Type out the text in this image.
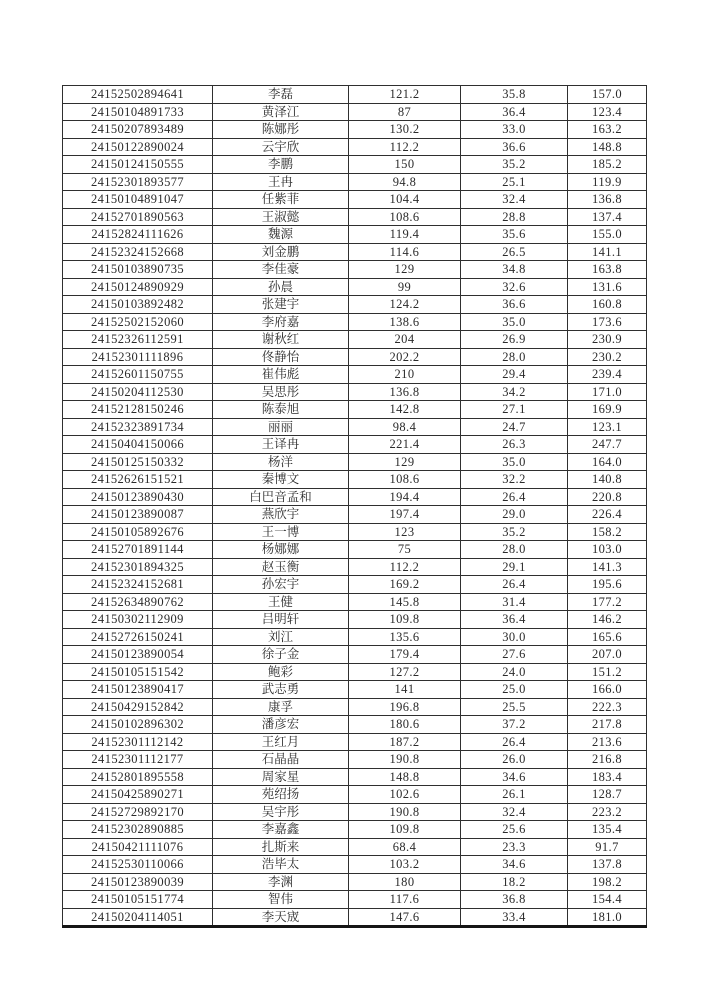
24152502894641	李磊	121.2	35.8	157.0
24150104891733	黄泽江	87	36.4	123.4
24150207893489	陈娜彤	130.2	33.0	163.2
24150122890024	云宇欣	112.2	36.6	148.8
24150124150555	李鹏	150	35.2	185.2
24152301893577	王冉	94.8	25.1	119.9
24150104891047	任紫菲	104.4	32.4	136.8
24152701890563	王淑懿	108.6	28.8	137.4
24152824111626	魏源	119.4	35.6	155.0
24152324152668	刘金鹏	114.6	26.5	141.1
24150103890735	李佳豪	129	34.8	163.8
24150124890929	孙晨	99	32.6	131.6
24150103892482	张建宇	124.2	36.6	160.8
24152502152060	李府嘉	138.6	35.0	173.6
24152326112591	谢秋红	204	26.9	230.9
24152301111896	佟静怡	202.2	28.0	230.2
24152601150755	崔伟彪	210	29.4	239.4
24150204112530	吴思彤	136.8	34.2	171.0
24152128150246	陈泰旭	142.8	27.1	169.9
24152323891734	丽丽	98.4	24.7	123.1
24150404150066	王译冉	221.4	26.3	247.7
24150125150332	杨洋	129	35.0	164.0
24152626151521	秦博文	108.6	32.2	140.8
24150123890430	白巴音孟和	194.4	26.4	220.8
24150123890087	燕欣宇	197.4	29.0	226.4
24150105892676	王一博	123	35.2	158.2
24152701891144	杨娜娜	75	28.0	103.0
24152301894325	赵玉衡	112.2	29.1	141.3
24152324152681	孙宏宇	169.2	26.4	195.6
24152634890762	王健	145.8	31.4	177.2
24150302112909	吕明轩	109.8	36.4	146.2
24152726150241	刘江	135.6	30.0	165.6
24150123890054	徐子金	179.4	27.6	207.0
24150105151542	鲍彩	127.2	24.0	151.2
24150123890417	武志勇	141	25.0	166.0
24150429152842	康孚	196.8	25.5	222.3
24150102896302	潘彦宏	180.6	37.2	217.8
24152301112142	王红月	187.2	26.4	213.6
24152301112177	石晶晶	190.8	26.0	216.8
24152801895558	周家星	148.8	34.6	183.4
24150425890271	苑绍扬	102.6	26.1	128.7
24152729892170	吴宇彤	190.8	32.4	223.2
24152302890885	李嘉鑫	109.8	25.6	135.4
24150421111076	扎斯来	68.4	23.3	91.7
24152530110066	浩毕太	103.2	34.6	137.8
24150123890039	李渊	180	18.2	198.2
24150105151774	智伟	117.6	36.8	154.4
24150204114051	李天宬	147.6	33.4	181.0
